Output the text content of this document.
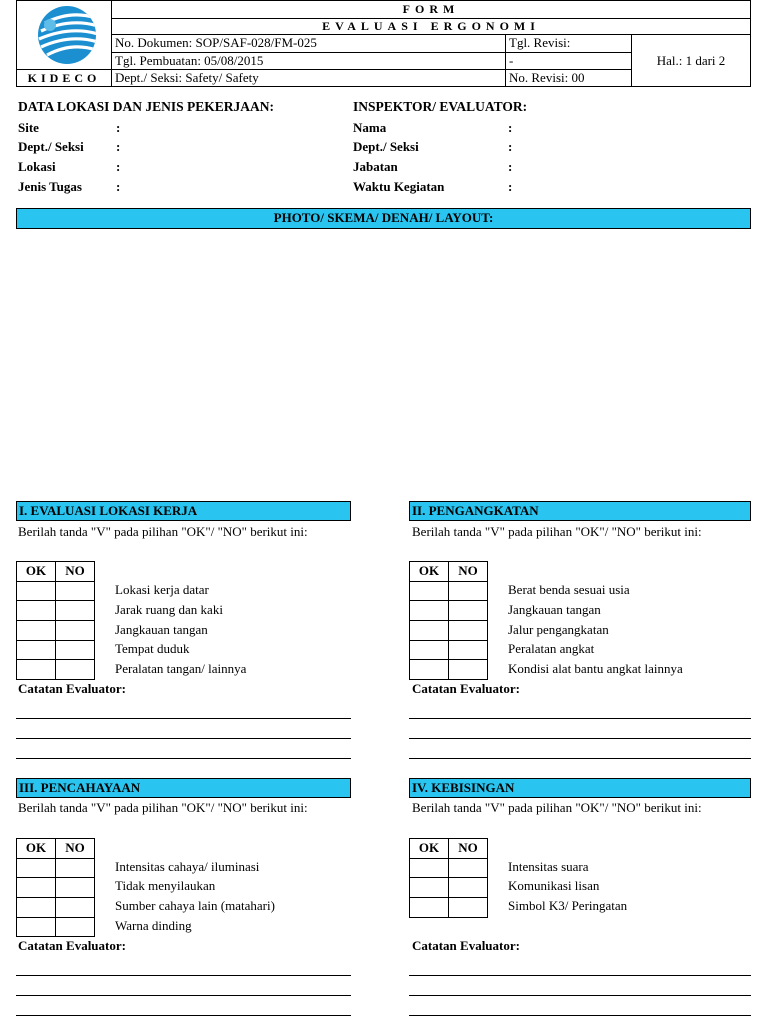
KIDECO
FORM
EVALUASI ERGONOMI
No. Dokumen: SOP/SAF-028/FM-025	Tgl. Revisi:
Tgl. Pembuatan: 05/08/2015	-
Dept./ Seksi: Safety/ Safety	No. Revisi: 00
Hal.: 1 dari 2
DATA LOKASI DAN JENIS PEKERJAAN:
Site	:
Dept./ Seksi :
Lokasi	:
Jenis Tugas	:
INSPEKTOR/ EVALUATOR:
Nama	:
Dept./ Seksi	:
Jabatan	:
Waktu Kegiatan	:
PHOTO/ SKEMA/ DENAH/ LAYOUT:
I. EVALUASI LOKASI KERJA
Berilah tanda "V" pada pilihan "OK"/ "NO" berikut ini:
OK	NO

Lokasi kerja datar
Jarak ruang dan kaki
Jangkauan tangan
Tempat duduk
Peralatan tangan/ lainnya
Catatan Evaluator:
II. PENGANGKATAN
Berilah tanda "V" pada pilihan "OK"/ "NO" berikut ini:
OK	NO

Berat benda sesuai usia
Jangkauan tangan
Jalur pengangkatan
Peralatan angkat
Kondisi alat bantu angkat lainnya
Catatan Evaluator:
III. PENCAHAYAAN
Berilah tanda "V" pada pilihan "OK"/ "NO" berikut ini:
OK	NO

Intensitas cahaya/ iluminasi
Tidak menyilaukan
Sumber cahaya lain (matahari)
Warna dinding
Catatan Evaluator:
IV. KEBISINGAN
Berilah tanda "V" pada pilihan "OK"/ "NO" berikut ini:
OK	NO

Intensitas suara
Komunikasi lisan
Simbol K3/ Peringatan
Catatan Evaluator:
